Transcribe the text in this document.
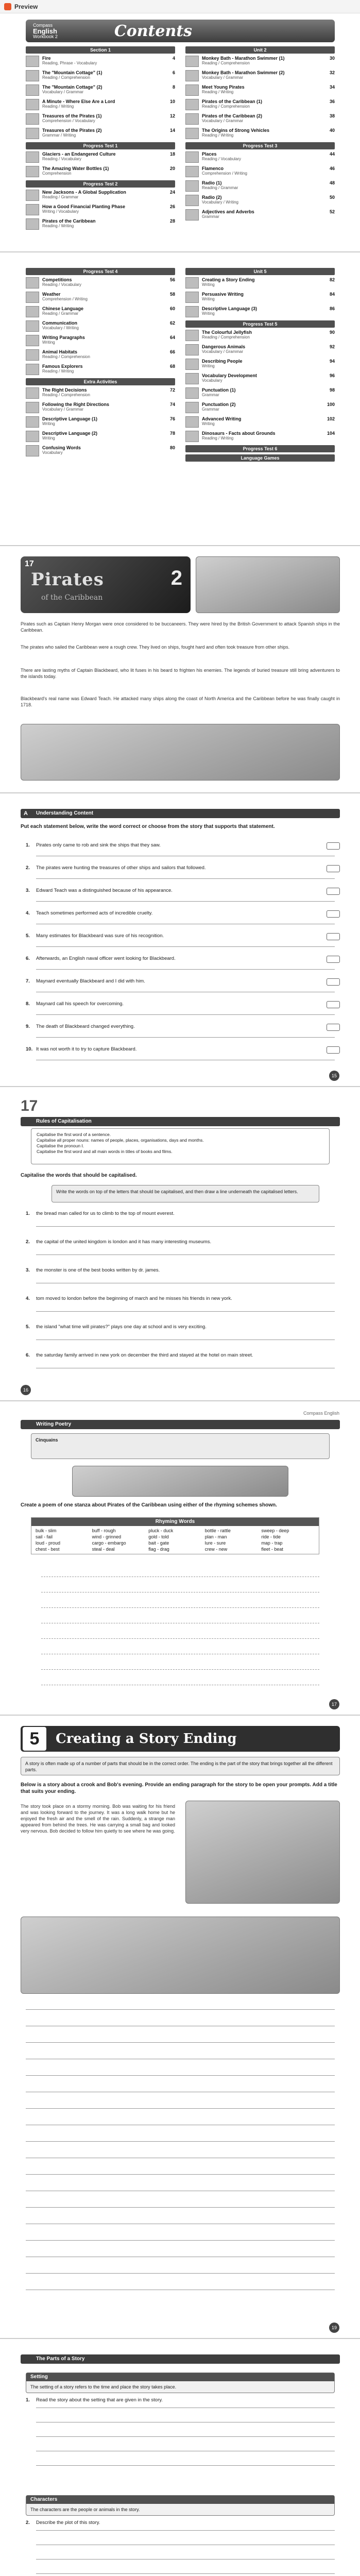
Preview
Compass
English
Workbook 2	Contents
Section 1
Fire	4
Reading, Phrase - Vocabulary
The "Mountain Cottage" (1)	6
Reading / Comprehension
The "Mountain Cottage" (2)	8
Vocabulary / Grammar
A Minute - Where Else Are a Lord	10
Reading / Writing
Treasures of the Pirates (1)	12
Comprehension / Vocabulary
Treasures of the Pirates (2)	14
Grammar / Writing
Progress Test 1
Glaciers - an Endangered Culture	18
Reading / Vocabulary
The Amazing Water Bottles (1)	20
Comprehension
Progress Test 2
New Jacksons - A Global Supplication	24
Reading / Grammar
How a Good Financial Planting Phase	26
Writing / Vocabulary
Pirates of the Caribbean	28
Reading / Writing
Unit 2
Monkey Bath - Marathon Swimmer (1)	30
Reading / Comprehension
Monkey Bath - Marathon Swimmer (2)	32
Vocabulary / Grammar
Meet Young Pirates	34
Reading / Writing
Pirates of the Caribbean (1)	36
Reading / Comprehension
Pirates of the Caribbean (2)	38
Vocabulary / Grammar
The Origins of Strong Vehicles	40
Reading / Writing
Progress Test 3
Places	44
Reading / Vocabulary
Flamenco	46
Comprehension / Writing
Radio (1)	48
Reading / Grammar
Radio (2)	50
Vocabulary / Writing
Adjectives and Adverbs	52
Grammar
Progress Test 4
Competitions	56
Reading / Vocabulary
Weather	58
Comprehension / Writing
Chinese Language	60
Reading / Grammar
Communication	62
Vocabulary / Writing
Writing Paragraphs	64
Writing
Animal Habitats	66
Reading / Comprehension
Famous Explorers	68
Reading / Writing
Extra Activities
The Right Decisions	72
Reading / Comprehension
Following the Right Directions	74
Vocabulary / Grammar
Descriptive Language (1)	76
Writing
Descriptive Language (2)	78
Writing
Confusing Words	80
Vocabulary
Unit 5
Creating a Story Ending	82
Writing
Persuasive Writing	84
Writing
Descriptive Language (3)	86
Writing
Progress Test 5
The Colourful Jellyfish	90
Reading / Comprehension
Dangerous Animals	92
Vocabulary / Grammar
Describing People	94
Writing
Vocabulary Development	96
Vocabulary
Punctuation (1)	98
Grammar
Punctuation (2)	100
Grammar
Advanced Writing	102
Writing
Dinosaurs - Facts about Grounds	104
Reading / Writing
Progress Test 6
Language Games
17
Pirates
of the Caribbean
2
Pirates such as Captain Henry Morgan were once considered to be buccaneers. They were hired by the British Government to attack Spanish ships in the Caribbean.
The pirates who sailed the Caribbean were a rough crew. They lived on ships, fought hard and often took treasure from other ships.
There are lasting myths of Captain Blackbeard, who lit fuses in his beard to frighten his enemies. The legends of buried treasure still bring adventurers to the islands today.
Blackbeard's real name was Edward Teach. He attacked many ships along the coast of North America and the Caribbean before he was finally caught in 1718.
A Understanding Content
Put each statement below, write the word correct or choose from the story that supports that statement.
15
1.	Pirates only came to rob and sink the ships that they saw.
2.	The pirates were hunting the treasures of other ships and sailors that followed.
3.	Edward Teach was a distinguished because of his appearance.
4.	Teach sometimes performed acts of incredible cruelty.
5.	Many estimates for Blackbeard was sure of his recognition.
6.	Afterwards, an English naval officer went looking for Blackbeard.
7.	Maynard eventually Blackbeard and I did with him.
8.	Maynard call his speech for overcoming.
9.	The death of Blackbeard changed everything.
10. It was not worth it to try to capture Blackbeard.
17
Rules of Capitalisation
Capitalise the first word of a sentence.
Capitalise all proper nouns: names of people, places, organisations, days and months.
Capitalise the pronoun I.
Capitalise the first word and all main words in titles of books and films.
Capitalise the words that should be capitalised.
Write the words on top of the letters that should be capitalised, and then draw a line underneath the capitalised letters.
16
1.	the bread man called for us to climb to the top of mount everest.
2.	the capital of the united kingdom is london and it has many interesting museums.
3.	the monster is one of the best books written by dr. james.
4.	tom moved to london before the beginning of march and he misses his friends in new york.
5.	the island "what time will pirates?" plays one day at school and is very exciting.
6.	the saturday family arrived in new york on december the third and stayed at the hotel on main street.
Compass English
Writing Poetry
Cinquains
Create a poem of one stanza about Pirates of the Caribbean using either of the rhyming schemes shown.
Rhyming Words
bulk - slim	buff - rough	pluck - duck	bottle - rattle	sweep - deep
sail - fail	wind - grinned	gold - told	plan - man	ride - tide
loud - proud	cargo - embargo	bait - gate	lure - sure	map - trap
chest - best	steal - deal	flag - drag	crew - new	fleet - beat
17
5	Creating a Story Ending
A story is often made up of a number of parts that should be in the correct order. The ending is the part of the story that brings together all the different parts.
Below is a story about a crook and Bob's evening. Provide an ending paragraph for the story to be open your prompts. Add a title that suits your ending.
The story took place on a stormy morning. Bob was waiting for his friend and was looking forward to the journey. It was a long walk home but he enjoyed the fresh air and the smell of the rain. Suddenly, a strange man appeared from behind the trees. He was carrying a small bag and looked very nervous. Bob decided to follow him quietly to see where he was going.
19
The Parts of a Story
Setting
The setting of a story refers to the time and place the story takes place.
1.	Read the story about the setting that are given in the story.
Characters
The characters are the people or animals in the story.
2.	Describe the plot of this story.
